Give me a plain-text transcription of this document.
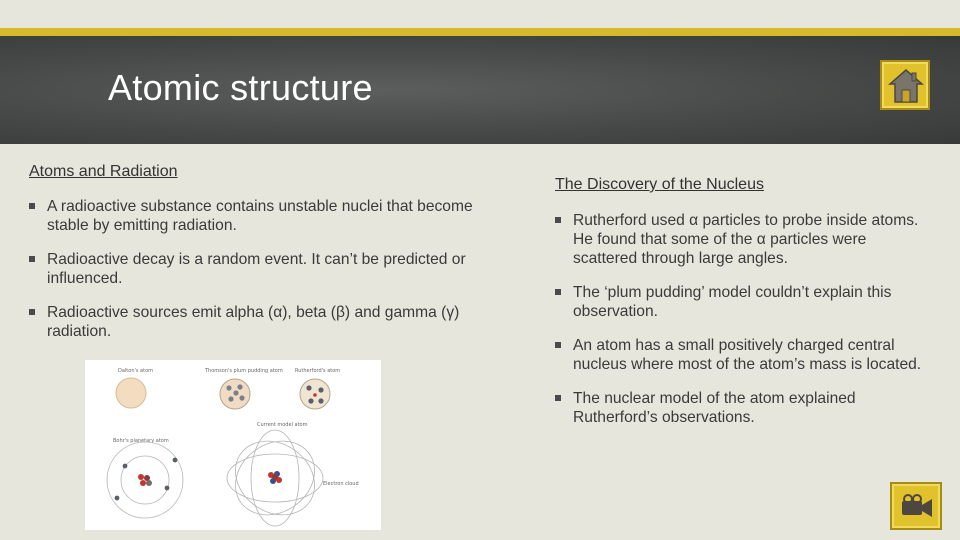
Atomic structure
Atoms and Radiation
A radioactive substance contains unstable nuclei that become stable by emitting radiation.
Radioactive decay is a random event. It can’t be predicted or influenced.
Radioactive sources emit alpha (α), beta (β) and gamma (γ) radiation.
Dalton's atom	Thomson's plum pudding atom Rutherford's atom
Bohr's planetary atom
Current model atom
Electron cloud
The Discovery of the Nucleus
Rutherford used α particles to probe inside atoms. He found that some of the α particles were scattered through large angles.
The ‘plum pudding’ model couldn’t explain this observation.
An atom has a small positively charged central nucleus where most of the atom’s mass is located.
The nuclear model of the atom explained Rutherford’s observations.
